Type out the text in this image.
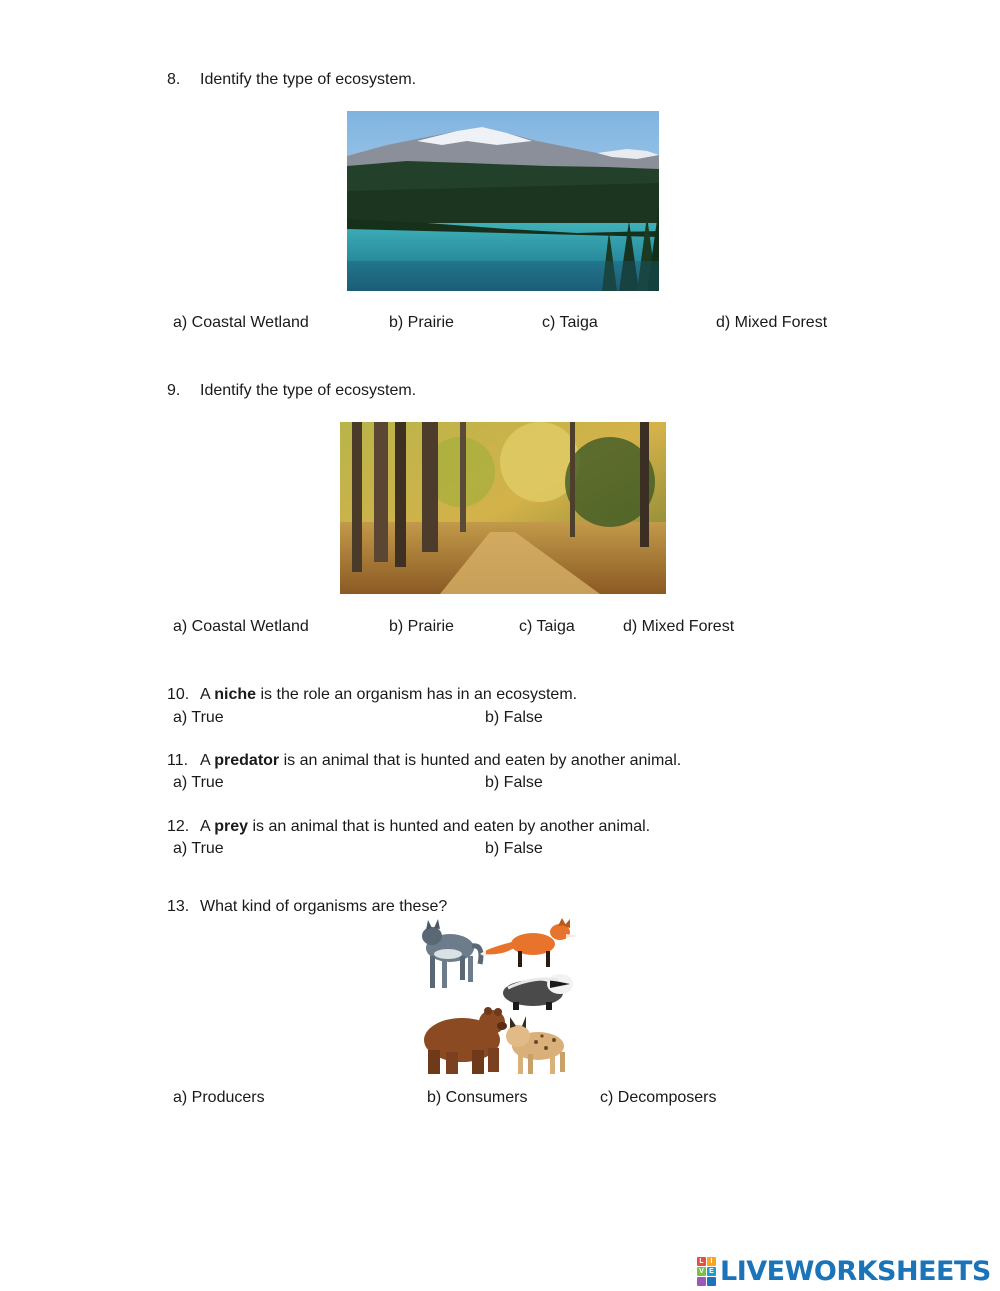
8. Identify the type of ecosystem.
a) Coastal Wetland	b) Prairie	c) Taiga	d) Mixed Forest
9. Identify the type of ecosystem.
a) Coastal Wetland	b) Prairie	c) Taiga	d) Mixed Forest
10. A niche is the role an organism has in an ecosystem.
a) True	b) False
11. A predator is an animal that is hunted and eaten by another animal.
a) True	b) False
12. A prey is an animal that is hunted and eaten by another animal.
a) True	b) False
13. What kind of organisms are these?
a) Producers	b) Consumers	c) Decomposers
L I
V E LIVEWORKSHEETS
